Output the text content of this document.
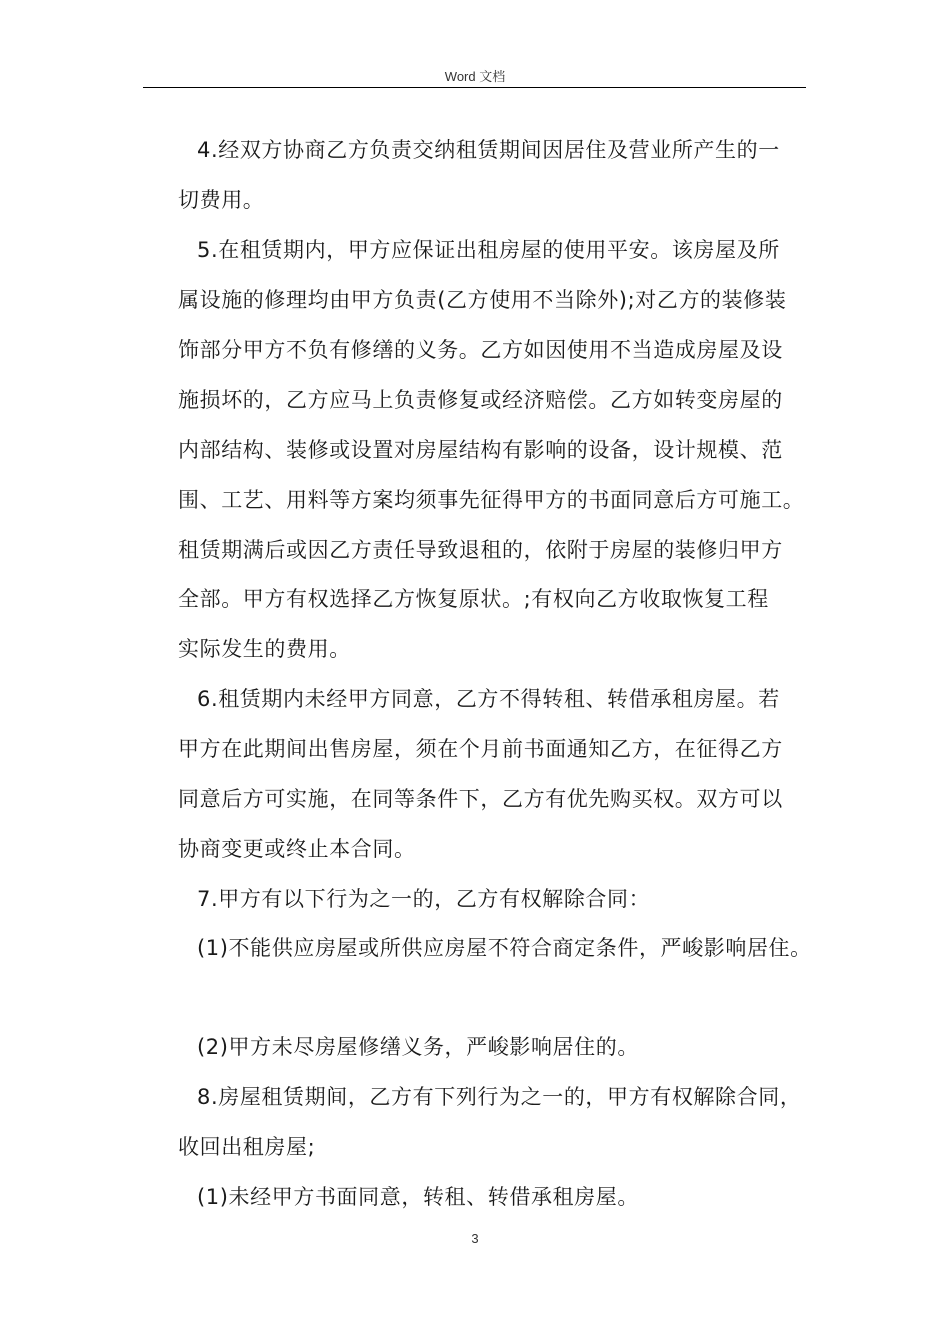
Word 文档
4.经双方协商乙方负责交纳租赁期间因居住及营业所产生的一
切费用。
5.在租赁期内，甲方应保证出租房屋的使用平安。该房屋及所
属设施的修理均由甲方负责(乙方使用不当除外);对乙方的装修装
饰部分甲方不负有修缮的义务。乙方如因使用不当造成房屋及设
施损坏的，乙方应马上负责修复或经济赔偿。乙方如转变房屋的
内部结构、装修或设置对房屋结构有影响的设备，设计规模、范
围、工艺、用料等方案均须事先征得甲方的书面同意后方可施工。
租赁期满后或因乙方责任导致退租的，依附于房屋的装修归甲方
全部。甲方有权选择乙方恢复原状。;有权向乙方收取恢复工程
实际发生的费用。
6.租赁期内未经甲方同意，乙方不得转租、转借承租房屋。若
甲方在此期间出售房屋，须在个月前书面通知乙方，在征得乙方
同意后方可实施，在同等条件下，乙方有优先购买权。双方可以
协商变更或终止本合同。
7.甲方有以下行为之一的，乙方有权解除合同：
(1)不能供应房屋或所供应房屋不符合商定条件，严峻影响居住。
(2)甲方未尽房屋修缮义务，严峻影响居住的。
8.房屋租赁期间，乙方有下列行为之一的，甲方有权解除合同，
收回出租房屋;
(1)未经甲方书面同意，转租、转借承租房屋。
3
